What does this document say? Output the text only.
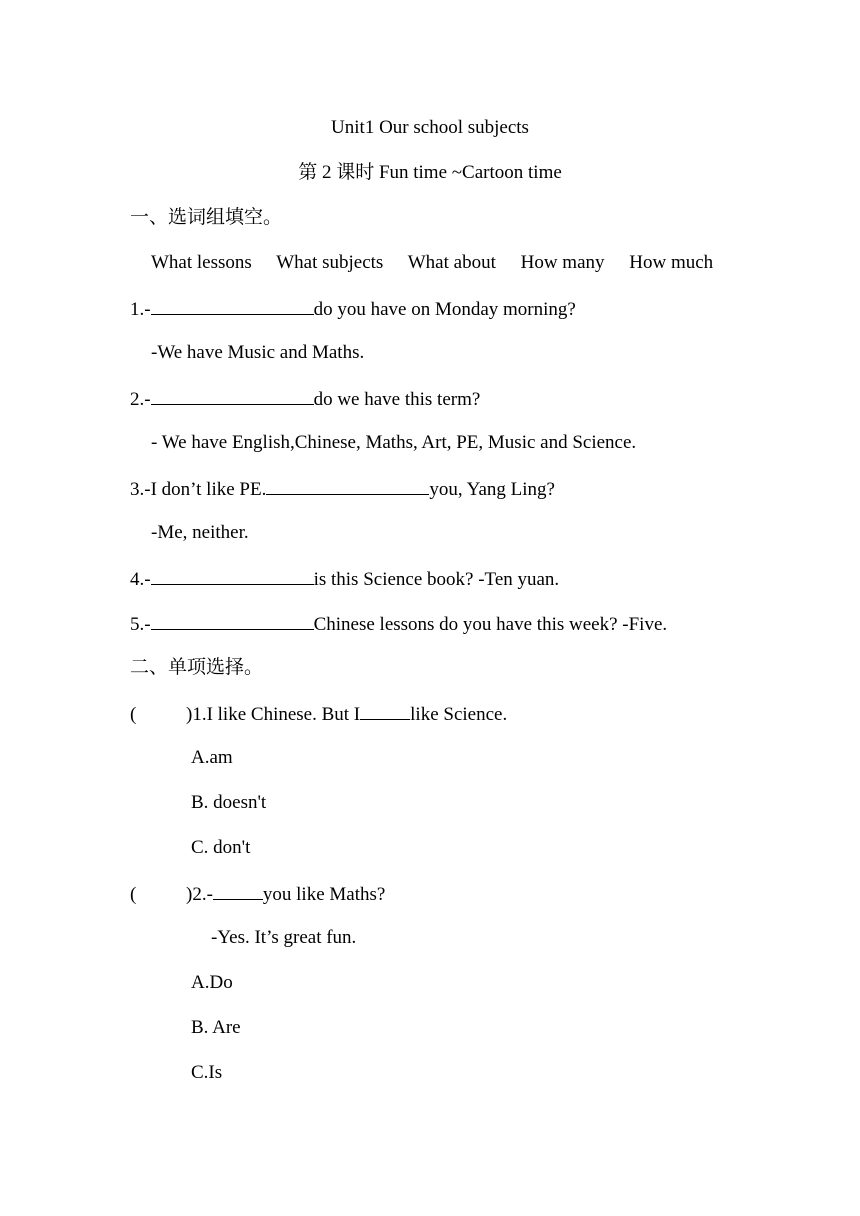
Unit1 Our school subjects
第 2 课时 Fun time ~Cartoon time
一、选词组填空。
What lessons What subjects What about How many How much
1.-	do you have on Monday morning?
-We have Music and Maths.
2.-	do we have this term?
- We have English,Chinese, Maths, Art, PE, Music and Science.
3.-I don’t like PE.	you, Yang Ling?
-Me, neither.
4.-	is this Science book? -Ten yuan.
5.-	Chinese lessons do you have this week? -Five.
二、单项选择。
(	)1.I like Chinese. But I	like Science.
A.am
B. doesn't
C. don't
(	)2.-	you like Maths?
-Yes. It’s great fun.
A.Do
B. Are
C.Is
